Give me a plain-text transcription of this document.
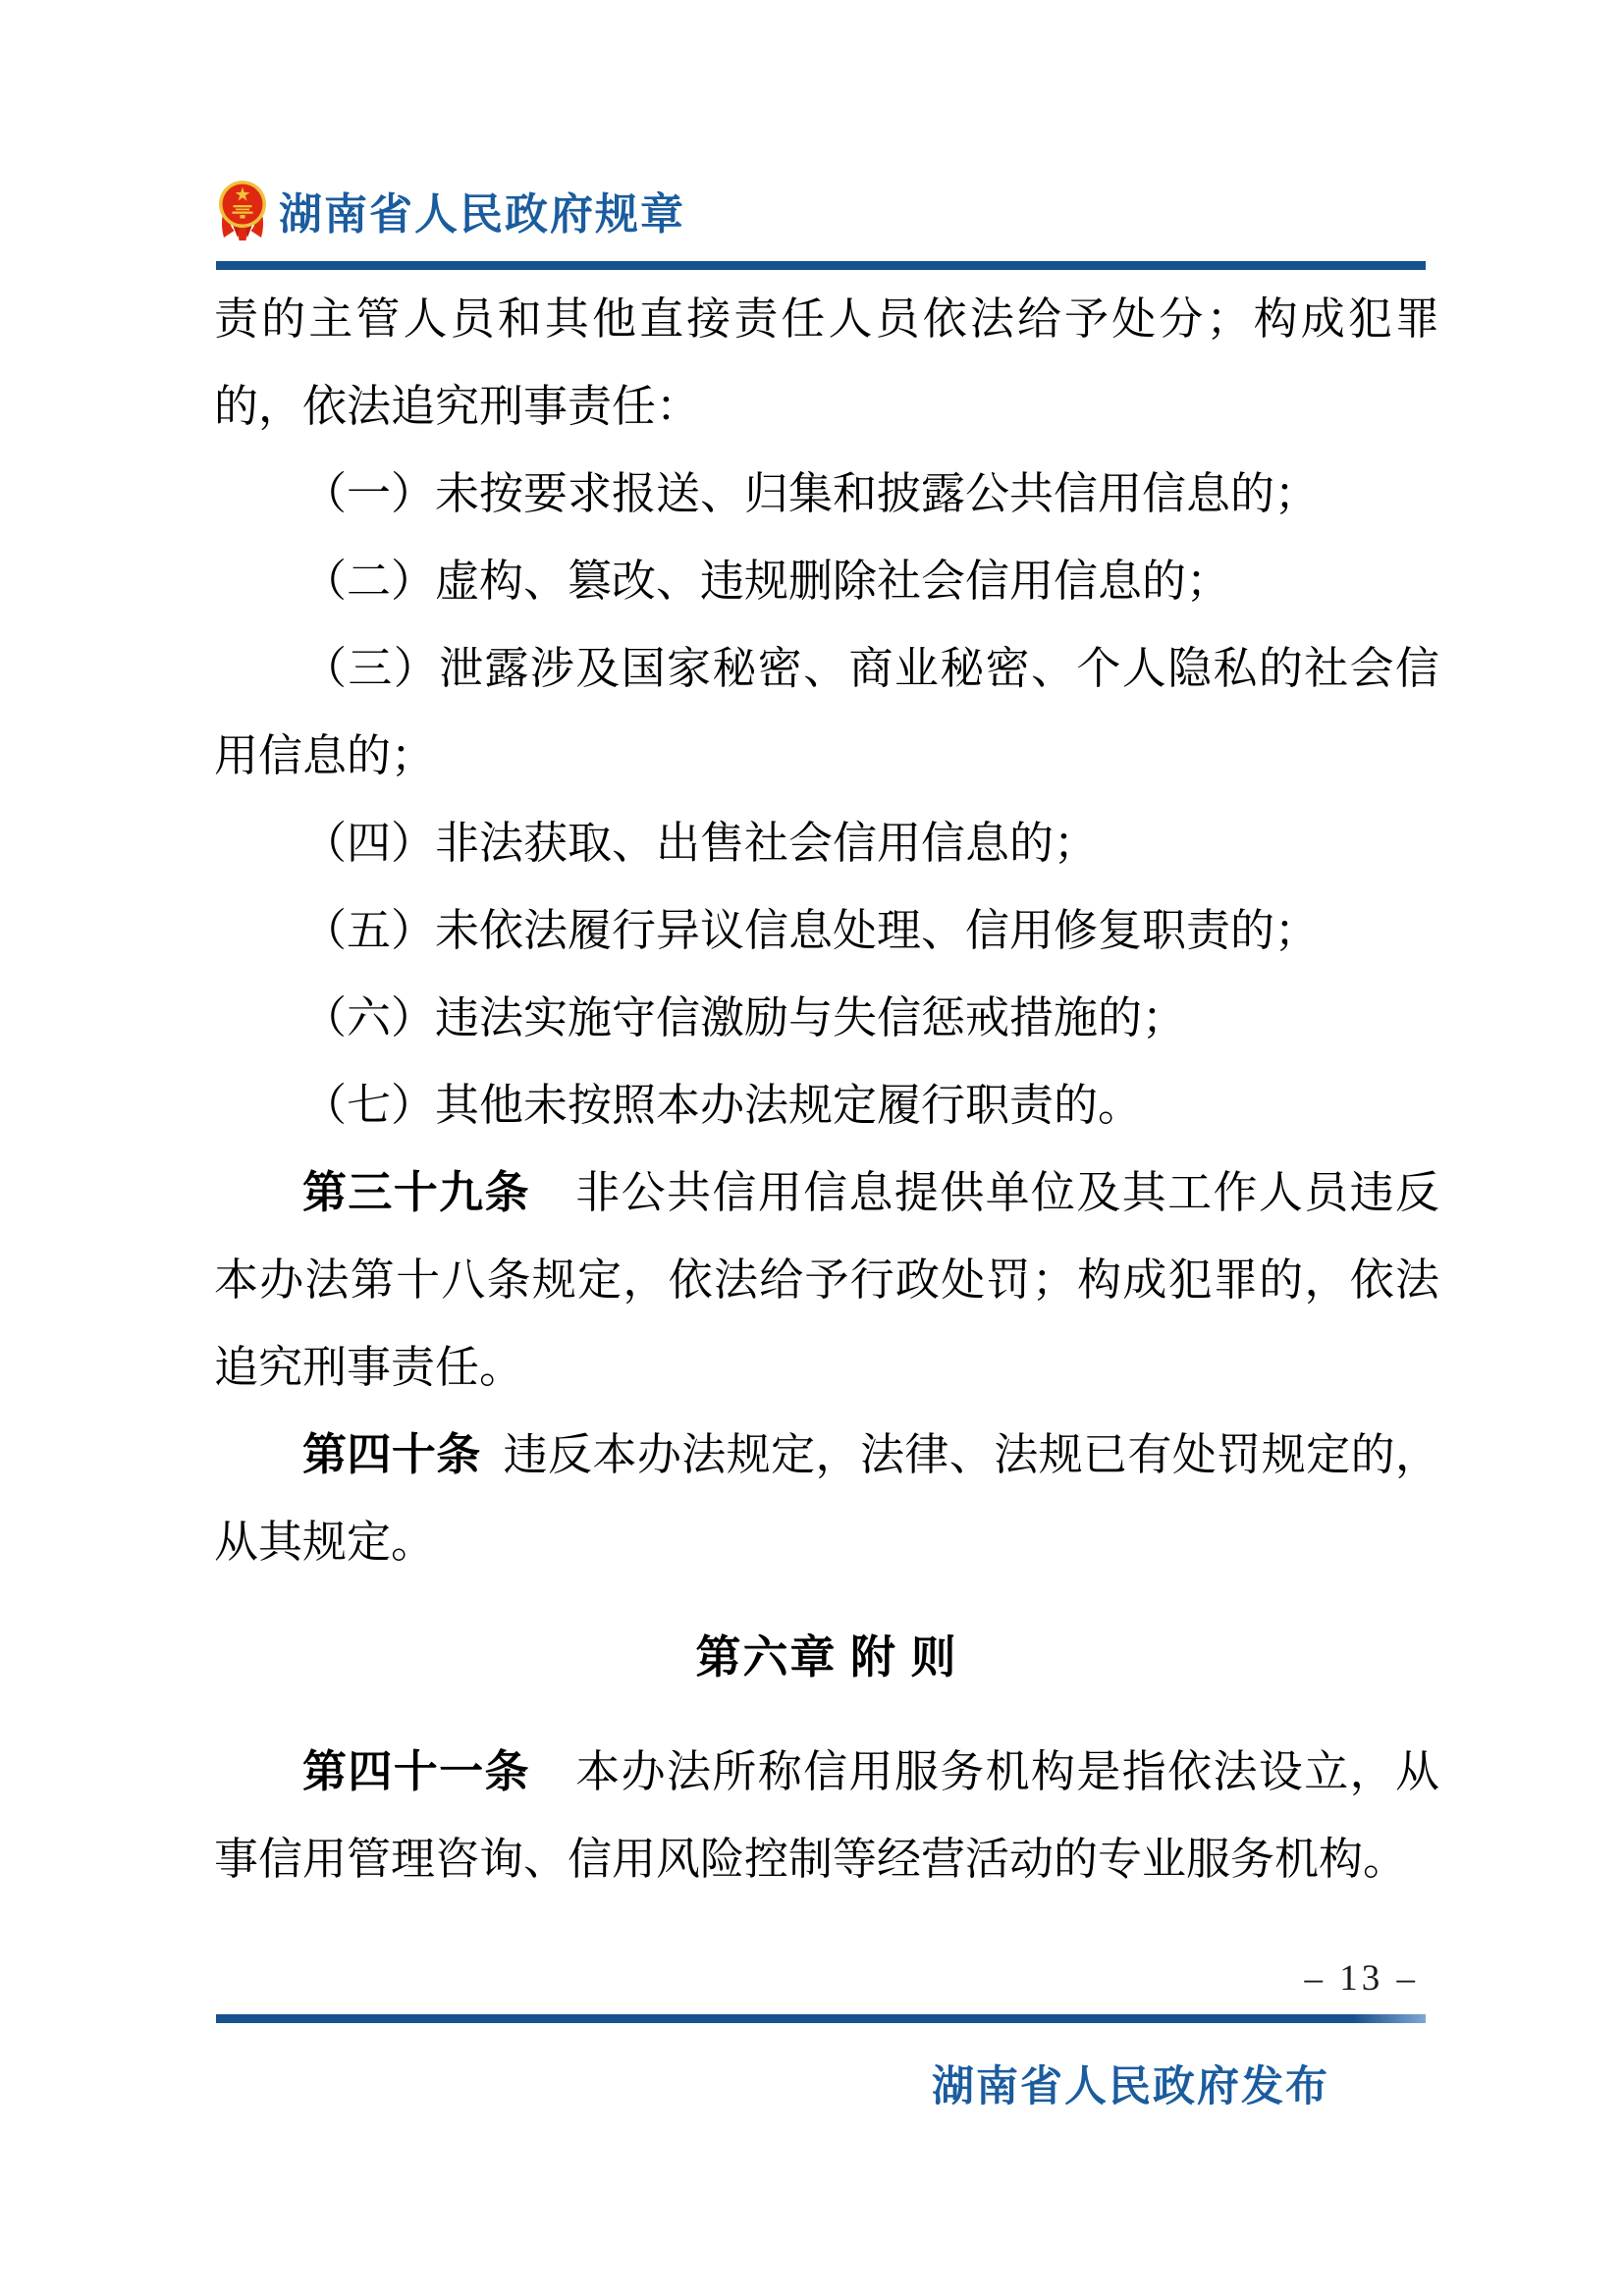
湖南省人民政府规章

责的主管人员和其他直接责任人员依法给予处分；构成犯罪的，依法追究刑事责任：

（一）未按要求报送、归集和披露公共信用信息的；

（二）虚构、篡改、违规删除社会信用信息的；

（三）泄露涉及国家秘密、商业秘密、个人隐私的社会信用信息的；

（四）非法获取、出售社会信用信息的；

（五）未依法履行异议信息处理、信用修复职责的；

（六）违法实施守信激励与失信惩戒措施的；

（七）其他未按照本办法规定履行职责的。

第三十九条　非公共信用信息提供单位及其工作人员违反本办法第十八条规定，依法给予行政处罚；构成犯罪的，依法追究刑事责任。

第四十条 违反本办法规定，法律、法规已有处罚规定的，从其规定。

第六章 附 则

第四十一条　本办法所称信用服务机构是指依法设立，从事信用管理咨询、信用风险控制等经营活动的专业服务机构。

– 13 –
湖南省人民政府发布
